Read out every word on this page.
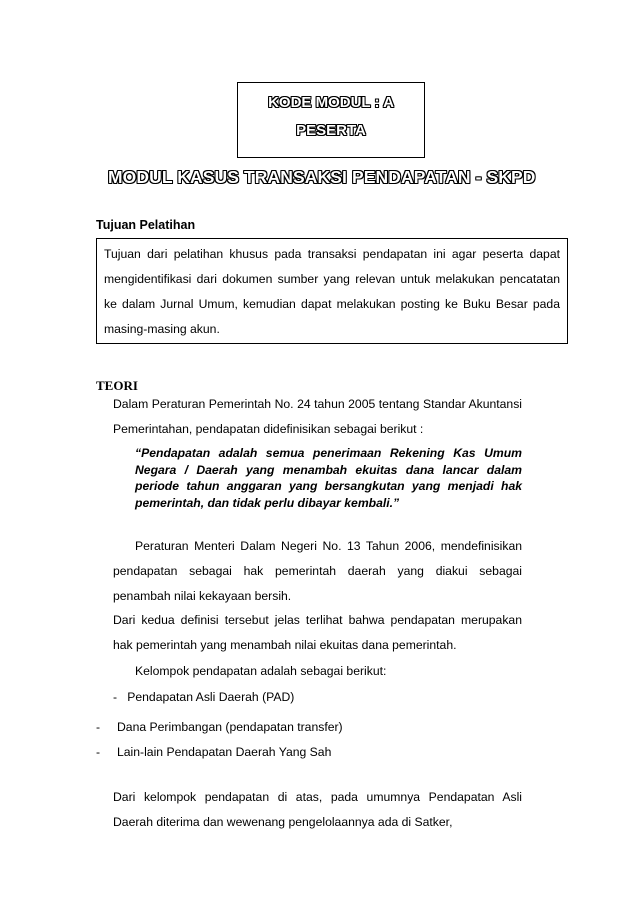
KODE MODUL : A
PESERTA
MODUL KASUS TRANSAKSI PENDAPATAN - SKPD
Tujuan Pelatihan

Tujuan dari pelatihan khusus pada transaksi pendapatan ini agar peserta dapat mengidentifikasi dari dokumen sumber yang relevan untuk melakukan pencatatan ke dalam Jurnal Umum, kemudian dapat melakukan posting ke Buku Besar pada masing-masing akun.

TEORI

Dalam Peraturan Pemerintah No. 24 tahun 2005 tentang Standar Akuntansi Pemerintahan, pendapatan didefinisikan sebagai berikut :

“Pendapatan adalah semua penerimaan Rekening Kas Umum Negara / Daerah yang menambah ekuitas dana lancar dalam periode tahun anggaran yang bersangkutan yang menjadi hak pemerintah, dan tidak perlu dibayar kembali.”

Peraturan Menteri Dalam Negeri No. 13 Tahun 2006, mendefinisikan pendapatan sebagai hak pemerintah daerah yang diakui sebagai penambah nilai kekayaan bersih.

Dari kedua definisi tersebut jelas terlihat bahwa pendapatan merupakan hak pemerintah yang menambah nilai ekuitas dana pemerintah.

Kelompok pendapatan adalah sebagai berikut:
- Pendapatan Asli Daerah (PAD)
- Dana Perimbangan (pendapatan transfer)
- Lain-lain Pendapatan Daerah Yang Sah

Dari kelompok pendapatan di atas, pada umumnya Pendapatan Asli Daerah diterima dan wewenang pengelolaannya ada di Satker,
